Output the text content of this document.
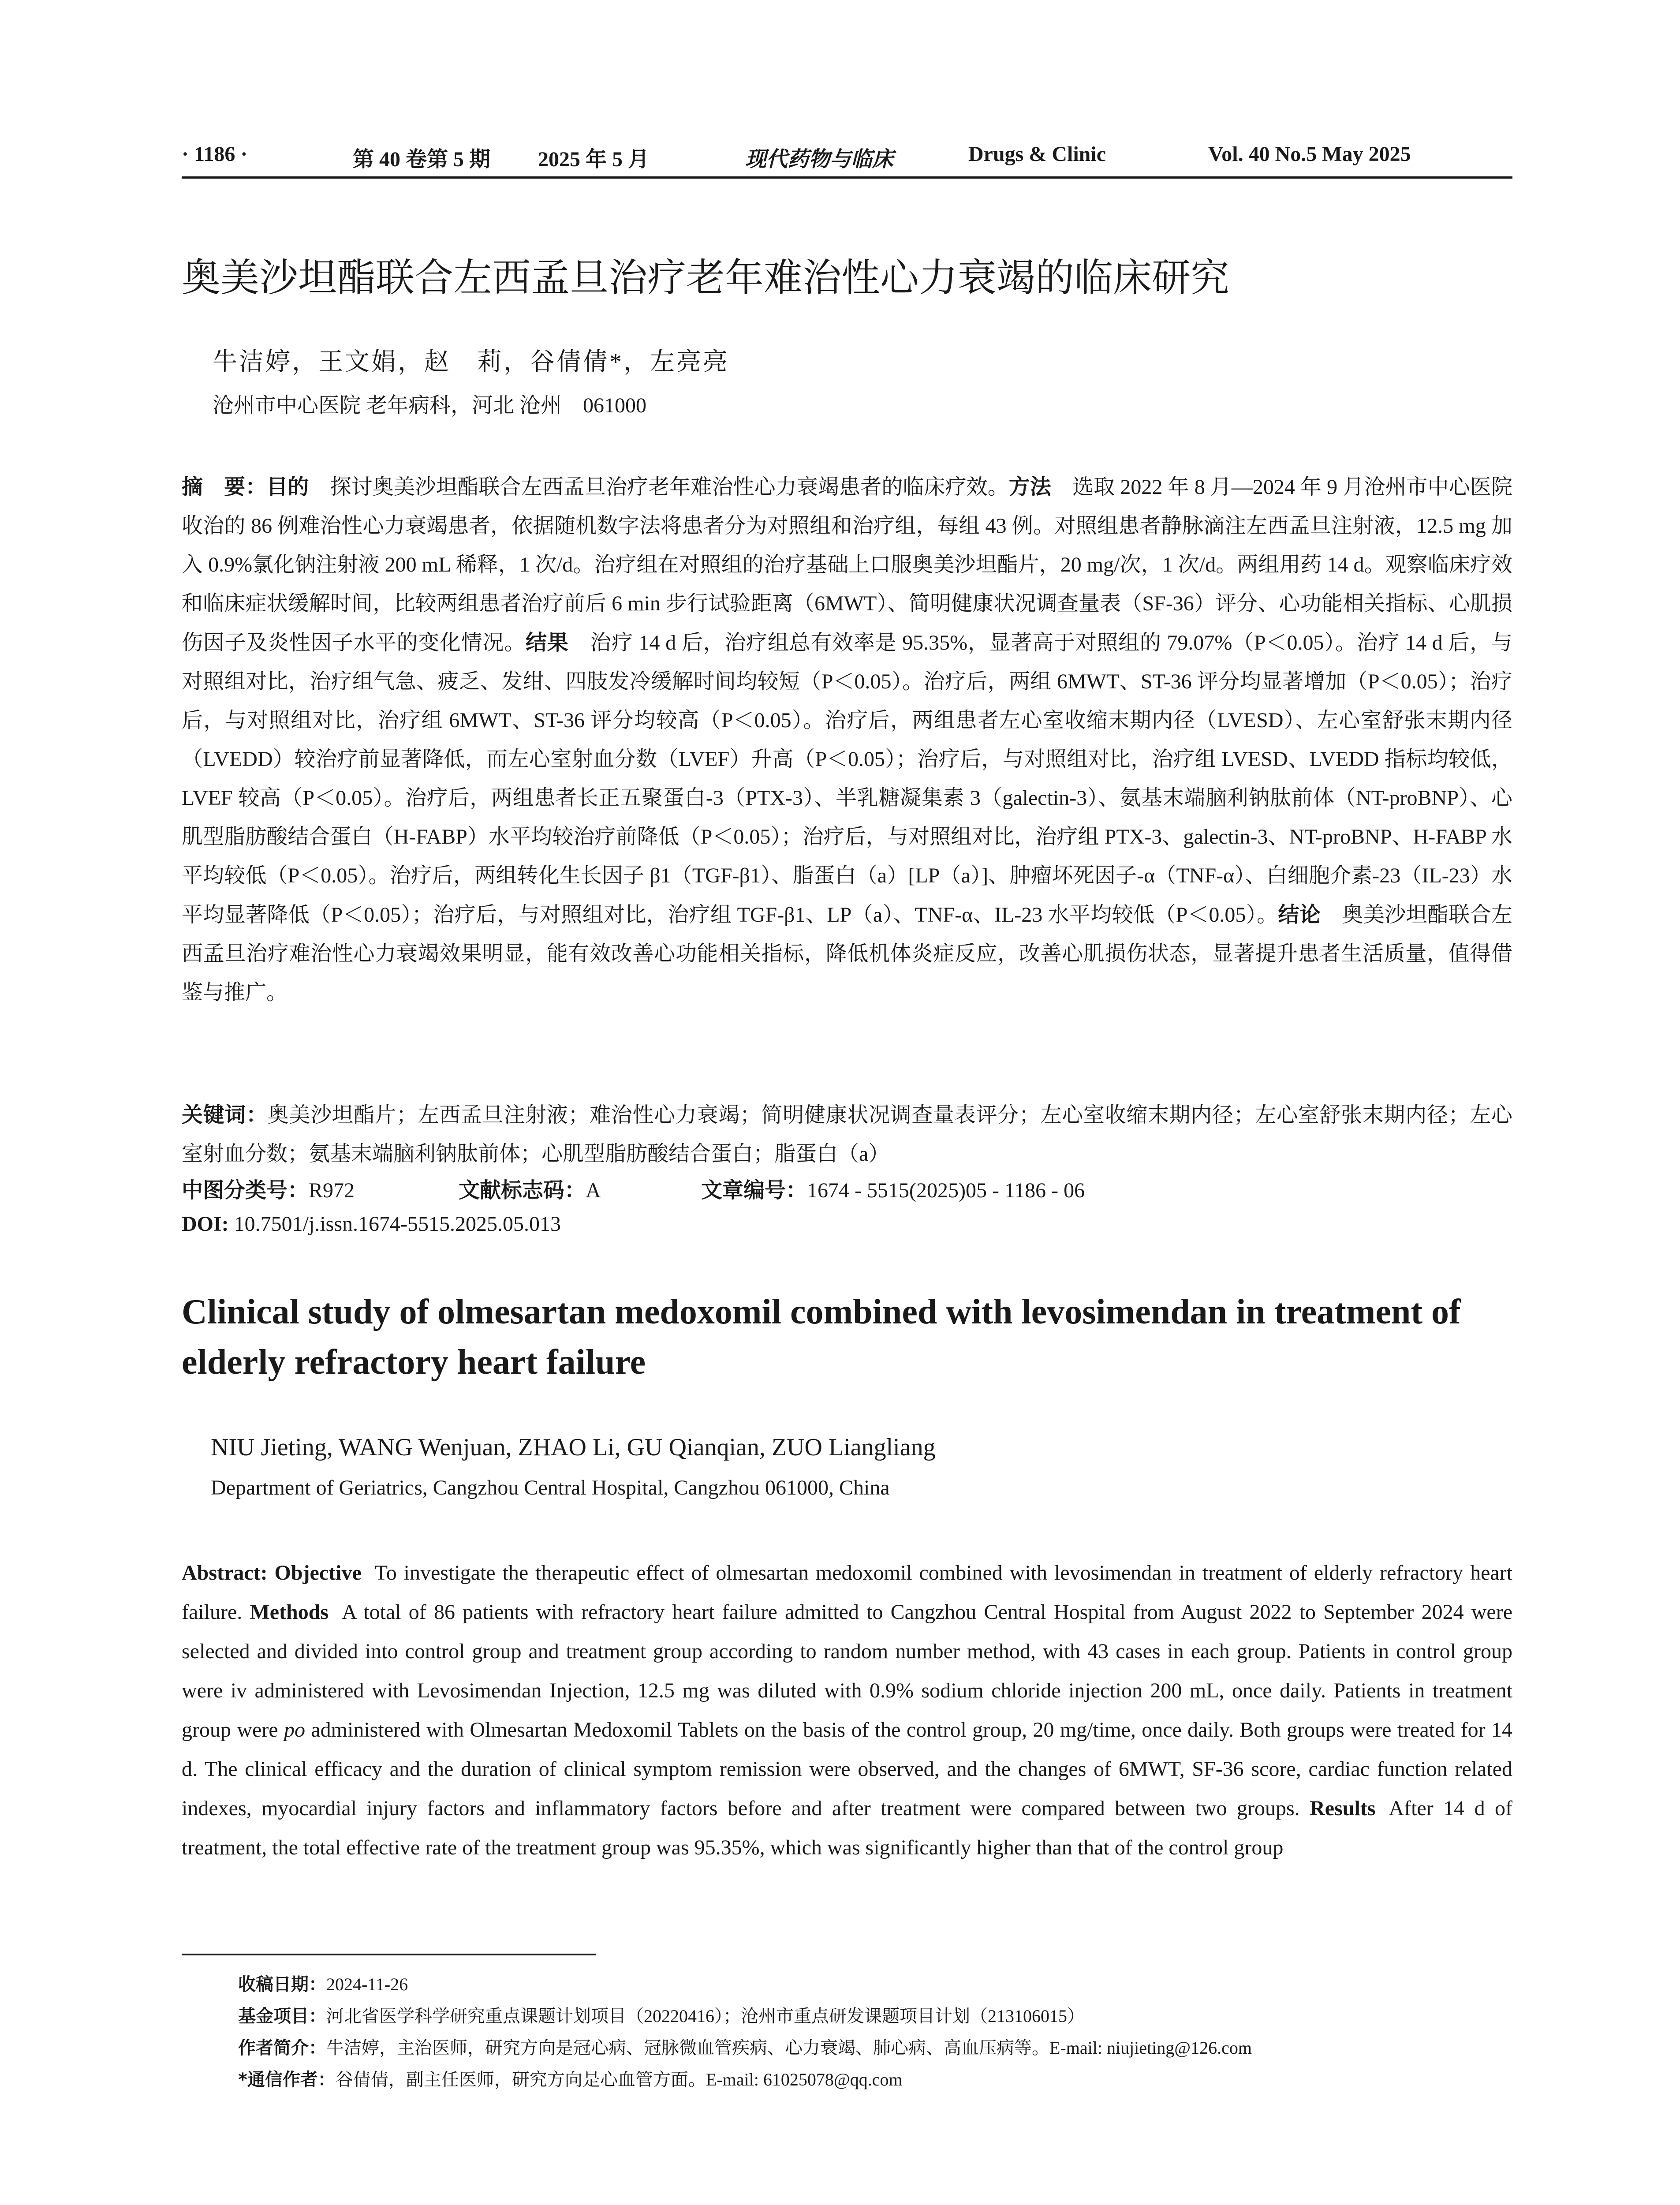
· 1186 ·	第 40 卷第 5 期 2025 年 5 月	现代药物与临床	Drugs & Clinic	Vol. 40 No.5 May 2025
奥美沙坦酯联合左西孟旦治疗老年难治性心力衰竭的临床研究
牛洁婷，王文娟，赵　莉，谷倩倩*，左亮亮
沧州市中心医院 老年病科，河北 沧州　061000
摘　要：目的 探讨奥美沙坦酯联合左西孟旦治疗老年难治性心力衰竭患者的临床疗效。方法 选取 2022 年 8 月—2024 年 9 月沧州市中心医院收治的 86 例难治性心力衰竭患者，依据随机数字法将患者分为对照组和治疗组，每组 43 例。对照组患者静脉滴注左西孟旦注射液，12.5 mg 加入 0.9%氯化钠注射液 200 mL 稀释，1 次/d。治疗组在对照组的治疗基础上口服奥美沙坦酯片，20 mg/次，1 次/d。两组用药 14 d。观察临床疗效和临床症状缓解时间，比较两组患者治疗前后 6 min 步行试验距离（6MWT）、简明健康状况调查量表（SF-36）评分、心功能相关指标、心肌损伤因子及炎性因子水平的变化情况。结果 治疗 14 d 后，治疗组总有效率是 95.35%，显著高于对照组的 79.07%（P＜0.05）。治疗 14 d 后，与对照组对比，治疗组气急、疲乏、发绀、四肢发冷缓解时间均较短（P＜0.05）。治疗后，两组 6MWT、ST-36 评分均显著增加（P＜0.05）；治疗后，与对照组对比，治疗组 6MWT、ST-36 评分均较高（P＜0.05）。治疗后，两组患者左心室收缩末期内径（LVESD）、左心室舒张末期内径（LVEDD）较治疗前显著降低，而左心室射血分数（LVEF）升高（P＜0.05）；治疗后，与对照组对比，治疗组 LVESD、LVEDD 指标均较低，LVEF 较高（P＜0.05）。治疗后，两组患者长正五聚蛋白-3（PTX-3）、半乳糖凝集素 3（galectin-3）、氨基末端脑利钠肽前体（NT-proBNP）、心肌型脂肪酸结合蛋白（H-FABP）水平均较治疗前降低（P＜0.05）；治疗后，与对照组对比，治疗组 PTX-3、galectin-3、NT-proBNP、H-FABP 水平均较低（P＜0.05）。治疗后，两组转化生长因子 β1（TGF-β1）、脂蛋白（a）[LP（a）]、肿瘤坏死因子-α（TNF-α）、白细胞介素-23（IL-23）水平均显著降低（P＜0.05）；治疗后，与对照组对比，治疗组 TGF-β1、LP（a）、TNF-α、IL-23 水平均较低（P＜0.05）。结论 奥美沙坦酯联合左西孟旦治疗难治性心力衰竭效果明显，能有效改善心功能相关指标，降低机体炎症反应，改善心肌损伤状态，显著提升患者生活质量，值得借鉴与推广。
关键词：奥美沙坦酯片；左西孟旦注射液；难治性心力衰竭；简明健康状况调查量表评分；左心室收缩末期内径；左心室舒张末期内径；左心室射血分数；氨基末端脑利钠肽前体；心肌型脂肪酸结合蛋白；脂蛋白（a）
中图分类号：R972	文献标志码：A	文章编号：1674 - 5515(2025)05 - 1186 - 06
DOI: 10.7501/j.issn.1674-5515.2025.05.013
Clinical study of olmesartan medoxomil combined with levosimendan in treatment of elderly refractory heart failure
NIU Jieting, WANG Wenjuan, ZHAO Li, GU Qianqian, ZUO Liangliang
Department of Geriatrics, Cangzhou Central Hospital, Cangzhou 061000, China
Abstract: Objective To investigate the therapeutic effect of olmesartan medoxomil combined with levosimendan in treatment of elderly refractory heart failure. Methods A total of 86 patients with refractory heart failure admitted to Cangzhou Central Hospital from August 2022 to September 2024 were selected and divided into control group and treatment group according to random number method, with 43 cases in each group. Patients in control group were iv administered with Levosimendan Injection, 12.5 mg was diluted with 0.9% sodium chloride injection 200 mL, once daily. Patients in treatment group were po administered with Olmesartan Medoxomil Tablets on the basis of the control group, 20 mg/time, once daily. Both groups were treated for 14 d. The clinical efficacy and the duration of clinical symptom remission were observed, and the changes of 6MWT, SF-36 score, cardiac function related indexes, myocardial injury factors and inflammatory factors before and after treatment were compared between two groups. Results After 14 d of treatment, the total effective rate of the treatment group was 95.35%, which was significantly higher than that of the control group
收稿日期：2024-11-26
基金项目：河北省医学科学研究重点课题计划项目（20220416）；沧州市重点研发课题项目计划（213106015）
作者简介：牛洁婷，主治医师，研究方向是冠心病、冠脉微血管疾病、心力衰竭、肺心病、高血压病等。E-mail: niujieting@126.com
*通信作者：谷倩倩，副主任医师，研究方向是心血管方面。E-mail: 61025078@qq.com
